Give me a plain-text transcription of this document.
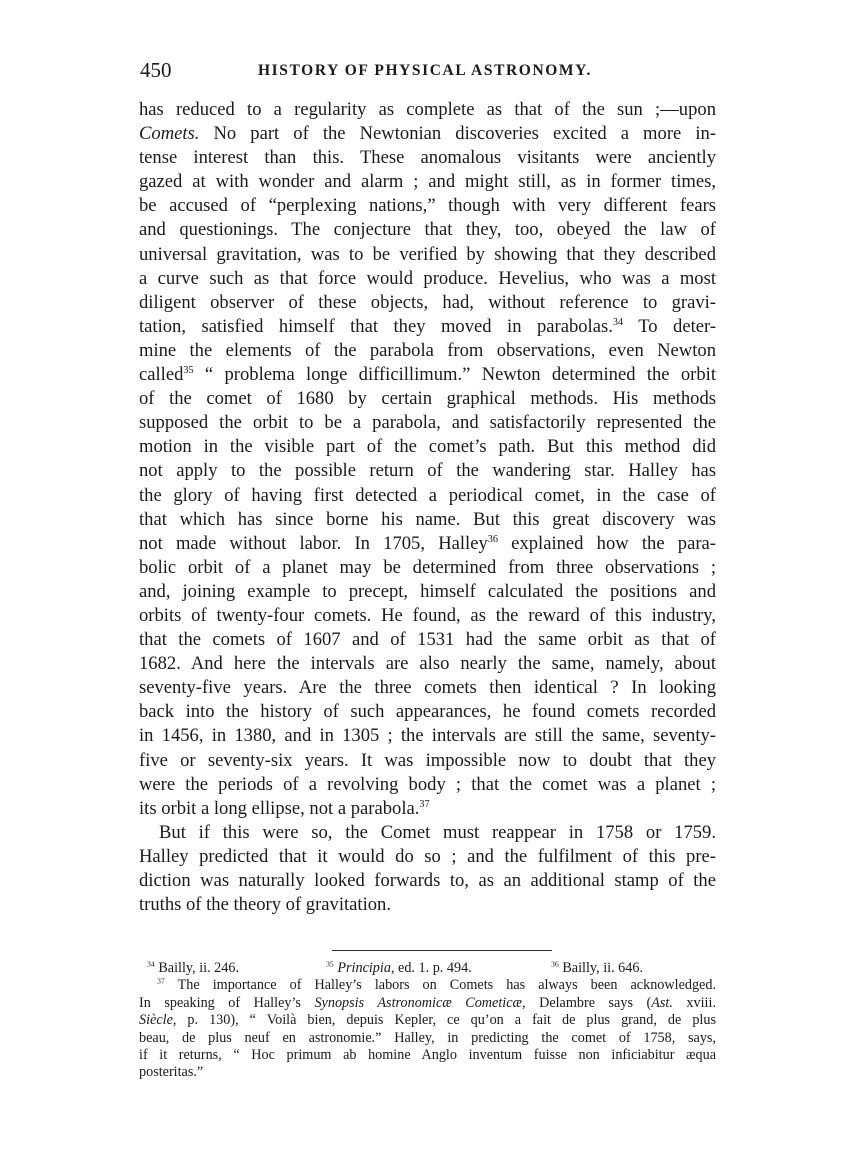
450	HISTORY OF PHYSICAL ASTRONOMY.
has reduced to a regularity as complete as that of the sun ;—upon
Comets. No part of the Newtonian discoveries excited a more in-
tense interest than this. These anomalous visitants were anciently
gazed at with wonder and alarm ; and might still, as in former times,
be accused of “perplexing nations,” though with very different fears
and questionings. The conjecture that they, too, obeyed the law of
universal gravitation, was to be verified by showing that they described
a curve such as that force would produce. Hevelius, who was a most
diligent observer of these objects, had, without reference to gravi-
tation, satisfied himself that they moved in parabolas.$^{34}$ To deter-
mine the elements of the parabola from observations, even Newton
called$^{35}$ “ problema longe difficillimum.” Newton determined the orbit
of the comet of 1680 by certain graphical methods. His methods
supposed the orbit to be a parabola, and satisfactorily represented the
motion in the visible part of the comet’s path. But this method did
not apply to the possible return of the wandering star. Halley has
the glory of having first detected a periodical comet, in the case of
that which has since borne his name. But this great discovery was
not made without labor. In 1705, Halley$^{36}$ explained how the para-
bolic orbit of a planet may be determined from three observations ;
and, joining example to precept, himself calculated the positions and
orbits of twenty-four comets. He found, as the reward of this industry,
that the comets of 1607 and of 1531 had the same orbit as that of
1682. And here the intervals are also nearly the same, namely, about
seventy-five years. Are the three comets then identical ? In looking
back into the history of such appearances, he found comets recorded
in 1456, in 1380, and in 1305 ; the intervals are still the same, seventy-
five or seventy-six years. It was impossible now to doubt that they
were the periods of a revolving body ; that the comet was a planet ;
its orbit a long ellipse, not a parabola.$^{37}$
But if this were so, the Comet must reappear in 1758 or 1759.
Halley predicted that it would do so ; and the fulfilment of this pre-
diction was naturally looked forwards to, as an additional stamp of the
truths of the theory of gravitation.
$^{34}$ Bailly, ii. 246.	$^{35}$ Principia, ed. 1. p. 494.	$^{36}$ Bailly, ii. 646.
$^{37}$ The importance of Halley’s labors on Comets has always been acknowledged.
In speaking of Halley’s Synopsis Astronomicæ Cometicæ, Delambre says (Ast. xviii.
Siècle, p. 130), “ Voilà bien, depuis Kepler, ce qu’on a fait de plus grand, de plus
beau, de plus neuf en astronomie.” Halley, in predicting the comet of 1758, says,
if it returns, “ Hoc primum ab homine Anglo inventum fuisse non inficiabitur æqua
posteritas.”
